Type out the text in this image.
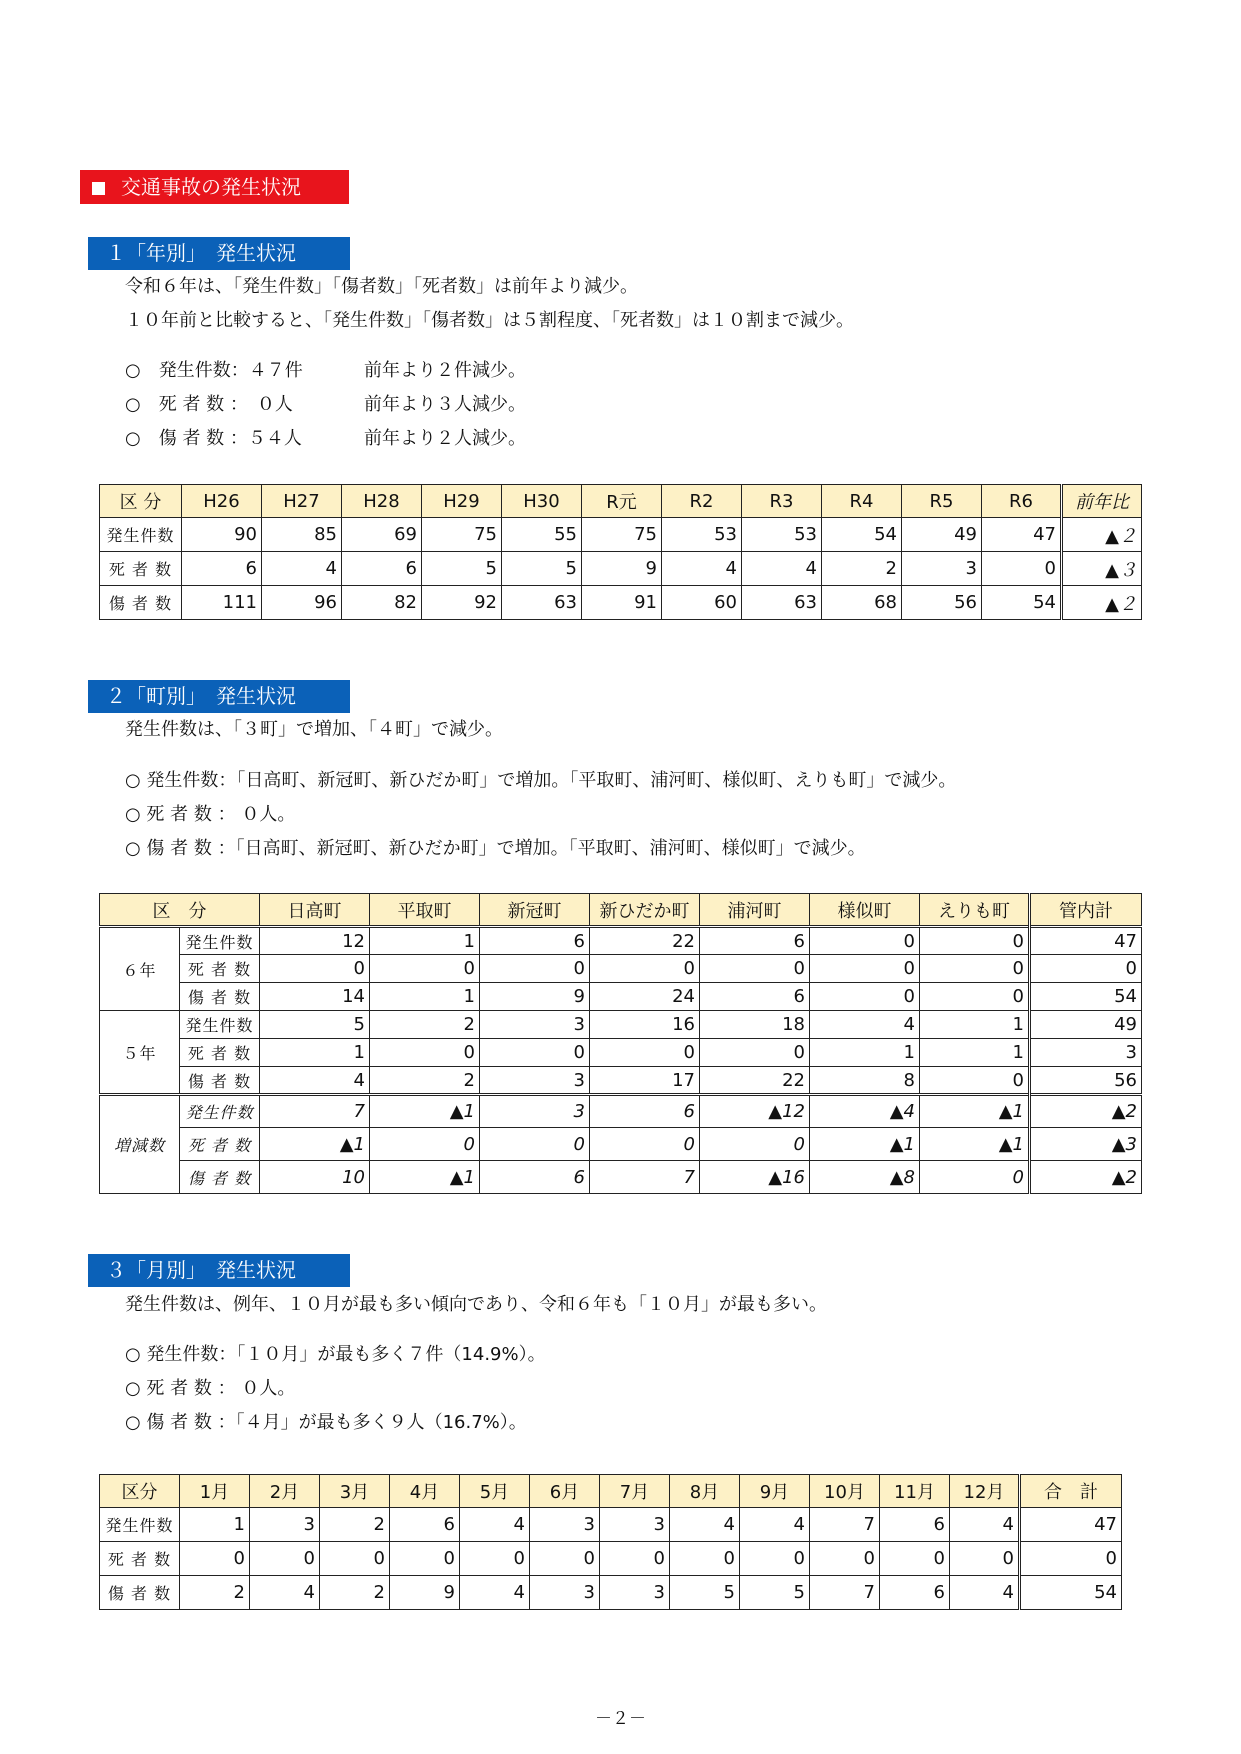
交通事故の発生状況
１「年別」　発生状況
令和６年は、「発生件数」「傷者数」「死者数」は前年より減少。
１０年前と比較すると、「発生件数」「傷者数」は５割程度、「死者数」は１０割まで減少。
○　 発生件数：４７件	前年より２件減少。
○　 死 者 数 ：　０人	前年より３人減少。
○　 傷 者 数 ：５４人	前年より２人減少。
区 分	H26	H27	H28	H29	H30	R元	R2	R3	R4	R5	R6	前年比
発生件数	90	85	69	75	55	75	53	53	54	49	47	▲２
死 者 数	6	4	6	5	5	9	4	4	2	3	0	▲３
傷 者 数	111	96	82	92	63	91	60	63	68	56	54	▲２
２「町別」　発生状況
発生件数は、「３町」で増加、「４町」で減少。
○ 発生件数：「日高町、新冠町、新ひだか町」で増加。「平取町、浦河町、様似町、えりも町」で減少。
○ 死 者 数 ： ０人。
○ 傷 者 数 ：「日高町、新冠町、新ひだか町」で増加。「平取町、浦河町、様似町」で減少。
区　分		日高町	平取町	新冠町	新ひだか町	浦河町	様似町	えりも町	管内計
６年	発生件数	12	1	6	22	6	0	0	47
	死 者 数	0	0	0	0	0	0	0	0
	傷 者 数	14	1	9	24	6	0	0	54
５年	発生件数	5	2	3	16	18	4	1	49
	死 者 数	1	0	0	0	0	1	1	3
	傷 者 数	4	2	3	17	22	8	0	56
増減数	発生件数	7	▲1	3	6	▲12	▲4	▲1	▲2
	死 者 数	▲1	0	0	0	0	▲1	▲1	▲3
	傷 者 数	10	▲1	6	7	▲16	▲8	0	▲2
３「月別」　発生状況
発生件数は、例年、１０月が最も多い傾向であり、令和６年も「１０月」が最も多い。
○ 発生件数：「１０月」が最も多く７件（14.9%）。
○ 死 者 数 ： ０人。
○ 傷 者 数 ：「４月」が最も多く９人（16.7%）。
区分	1月	2月	3月	4月	5月	6月	7月	8月	9月	10月	11月	12月	合　計
発生件数	1	3	2	6	4	3	3	4	4	7	6	4	47
死 者 数	0	0	0	0	0	0	0	0	0	0	0	0	0
傷 者 数	2	4	2	9	4	3	3	5	5	7	6	4	54
－２－
